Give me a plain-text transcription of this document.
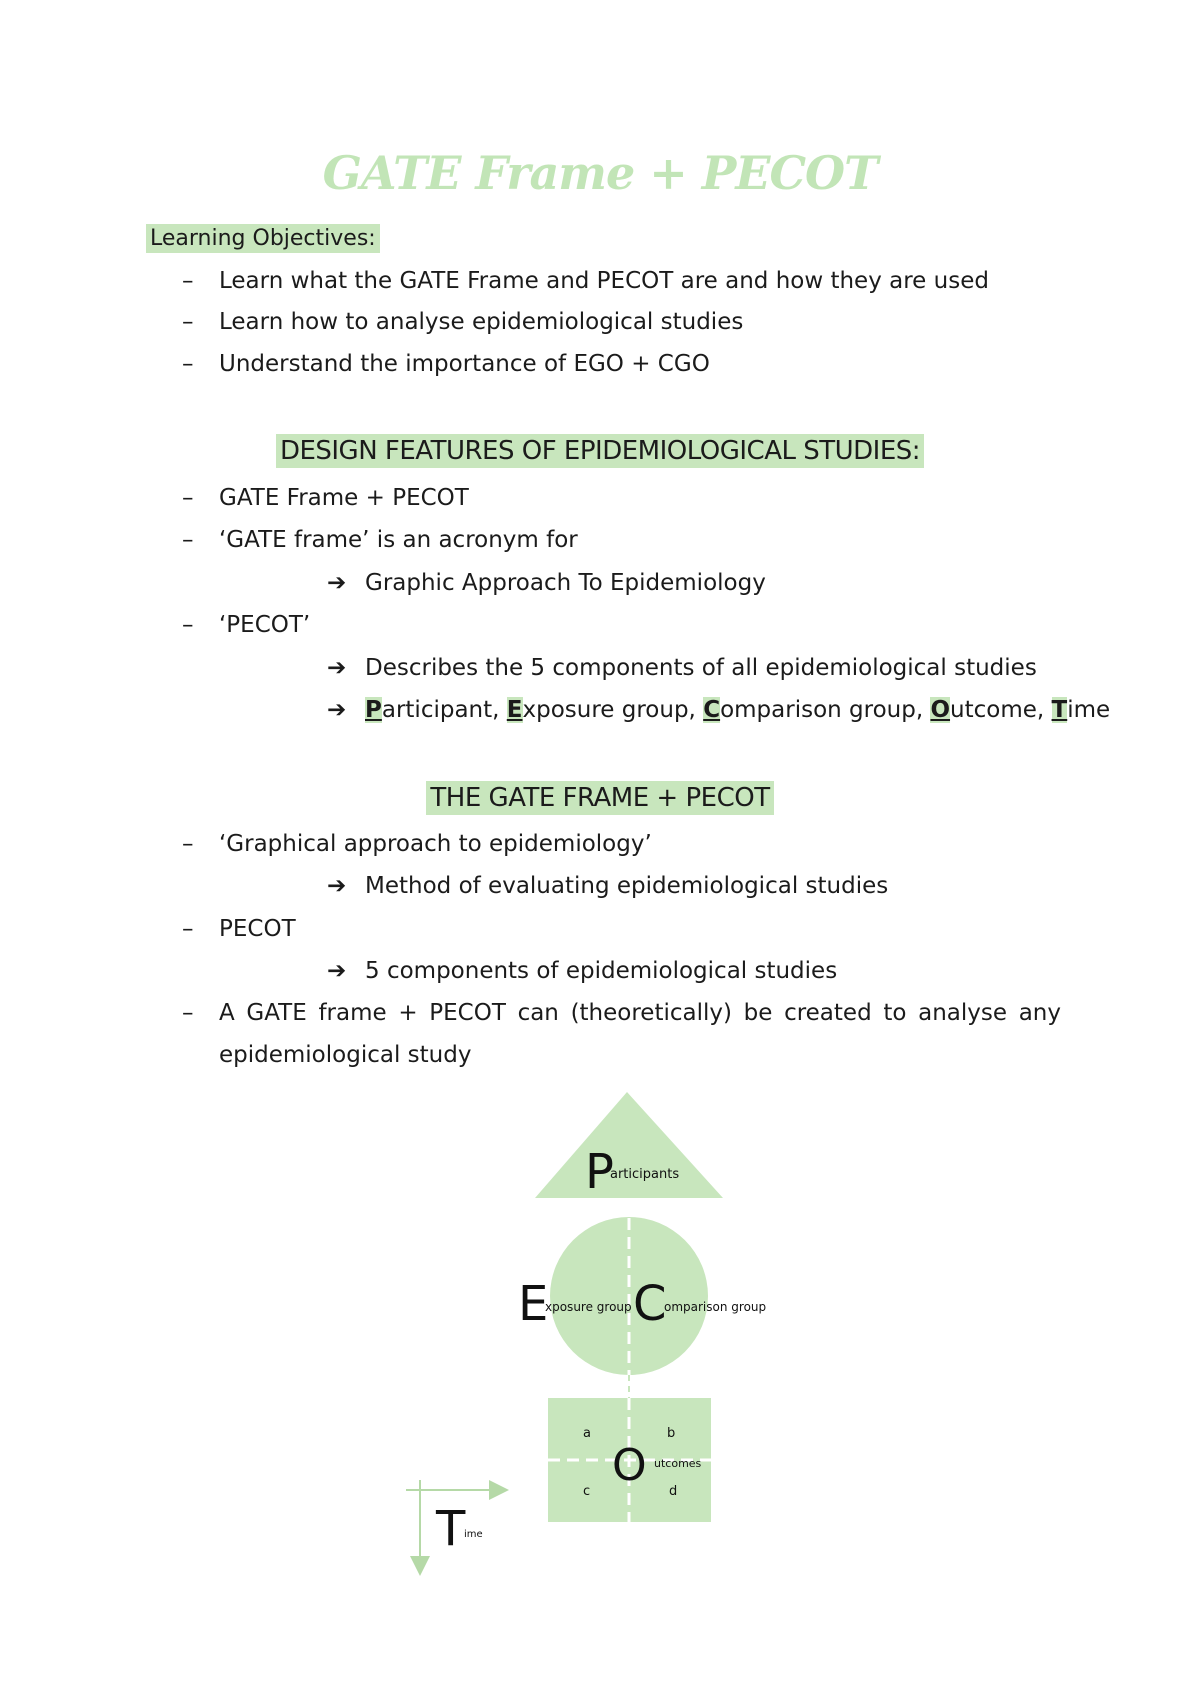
GATE Frame + PECOT
Learning Objectives:
– Learn what the GATE Frame and PECOT are and how they are used
– Learn how to analyse epidemiological studies
– Understand the importance of EGO + CGO
DESIGN FEATURES OF EPIDEMIOLOGICAL STUDIES:
– GATE Frame + PECOT
– ‘GATE frame’ is an acronym for
➔ Graphic Approach To Epidemiology
– ‘PECOT’
➔ Describes the 5 components of all epidemiological studies
➔ Participant, Exposure group, Comparison group, Outcome, Time
THE GATE FRAME + PECOT
– ‘Graphical approach to epidemiology’
➔ Method of evaluating epidemiological studies
– PECOT
➔ 5 components of epidemiological studies
– A GATE frame + PECOT can (theoretically) be created to analyse any
epidemiological study
P
articipants
E
xposure group C
omparison group
a	b
c	d
O utcomes
T
ime
